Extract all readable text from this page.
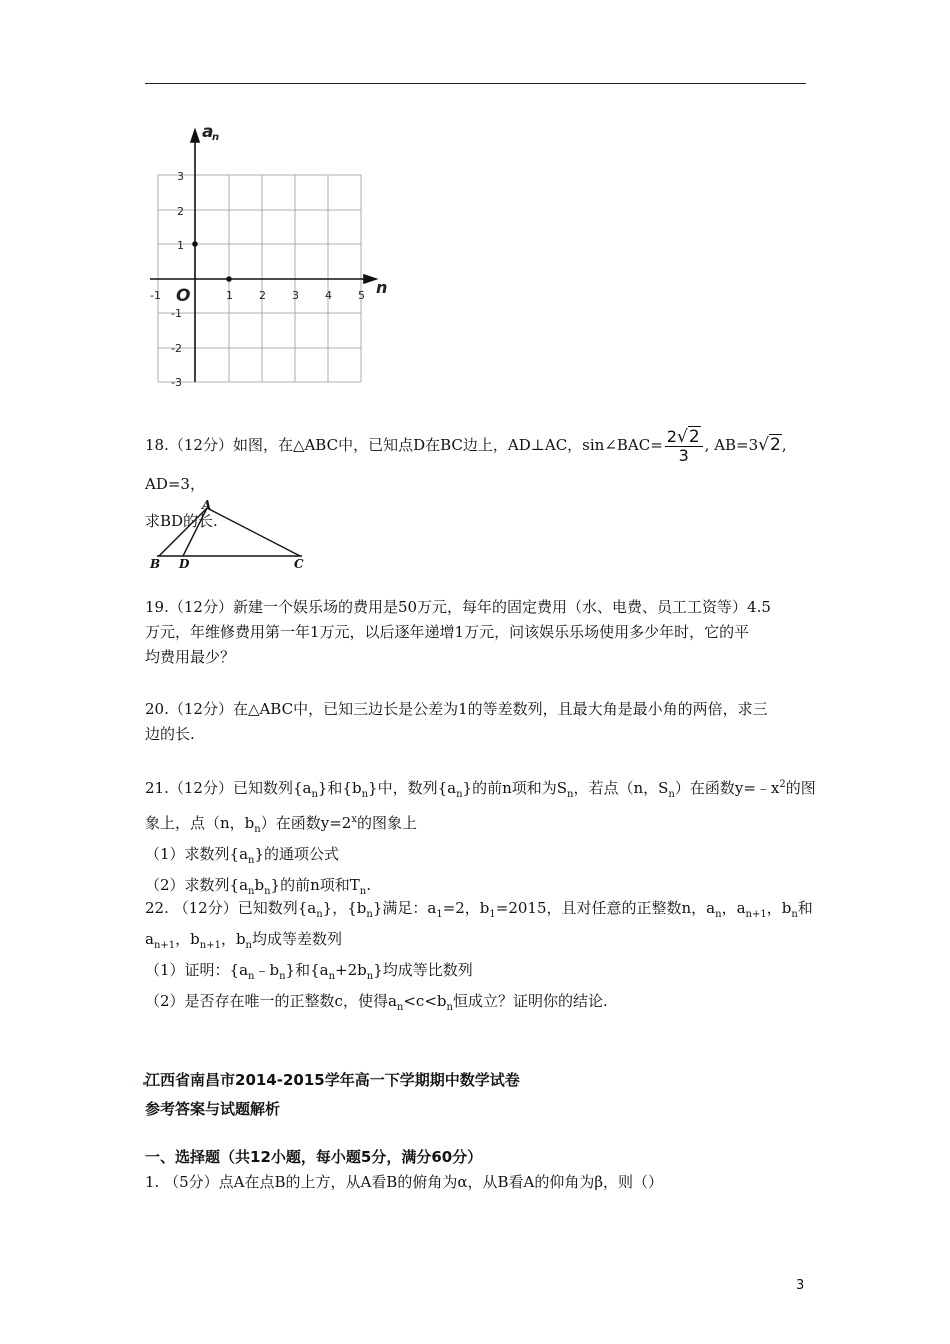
a
n
n
O
-1	1 2 3 4 5
3
2
1
-1
-2
-3

18.（12分）如图，在△ABC中，已知点D在BC边上，AD⊥AC，sin∠BAC= $\frac{2√2}{3}$ , AB=3√2, AD=3，

求BD的长.

A
B D	C

19.（12分）新建一个娱乐场的费用是50万元，每年的固定费用（水、电费、员工工资等）4.5

万元，年维修费用第一年1万元，以后逐年递增1万元，问该娱乐乐场使用多少年时，它的平

均费用最少？

20.（12分）在△ABC中，已知三边长是公差为1的等差数列，且最大角是最小角的两倍，求三

边的长.

21.（12分）已知数列$\{a_n\}$和$\{b_n\}$中，数列$\{a_n\}$的前n项和为$S_n$，若点（n，$S_n$）在函数$y=﹣x^2$的图

象上，点（n，$b_n$）在函数$y=2^x$的图象上

（1）求数列$\{a_n\}$的通项公式

（2）求数列$\{a_nb_n\}$的前n项和$T_n$.

22. （12分）已知数列$\{a_n\}$，$\{b_n\}$满足：$a_1=2$，$b_1=2015$，且对任意的正整数n，$a_n$，$a_{n+1}$，$b_n$和

$a_{n+1}$，$b_{n+1}$，$b_n$均成等差数列

（1）证明：$\{a_n﹣b_n\}$和$\{a_n+2b_n\}$均成等比数列

（2）是否存在唯一的正整数c，使得$a_n<c<b_n$恒成立？证明你的结论.

江西省南昌市2014-2015学年高一下学期期中数学试卷
参考答案与试题解析
一、选择题（共12小题，每小题5分，满分60分）
1. （5分）点A在点B的上方，从A看B的俯角为α，从B看A的仰角为β，则（）
3
